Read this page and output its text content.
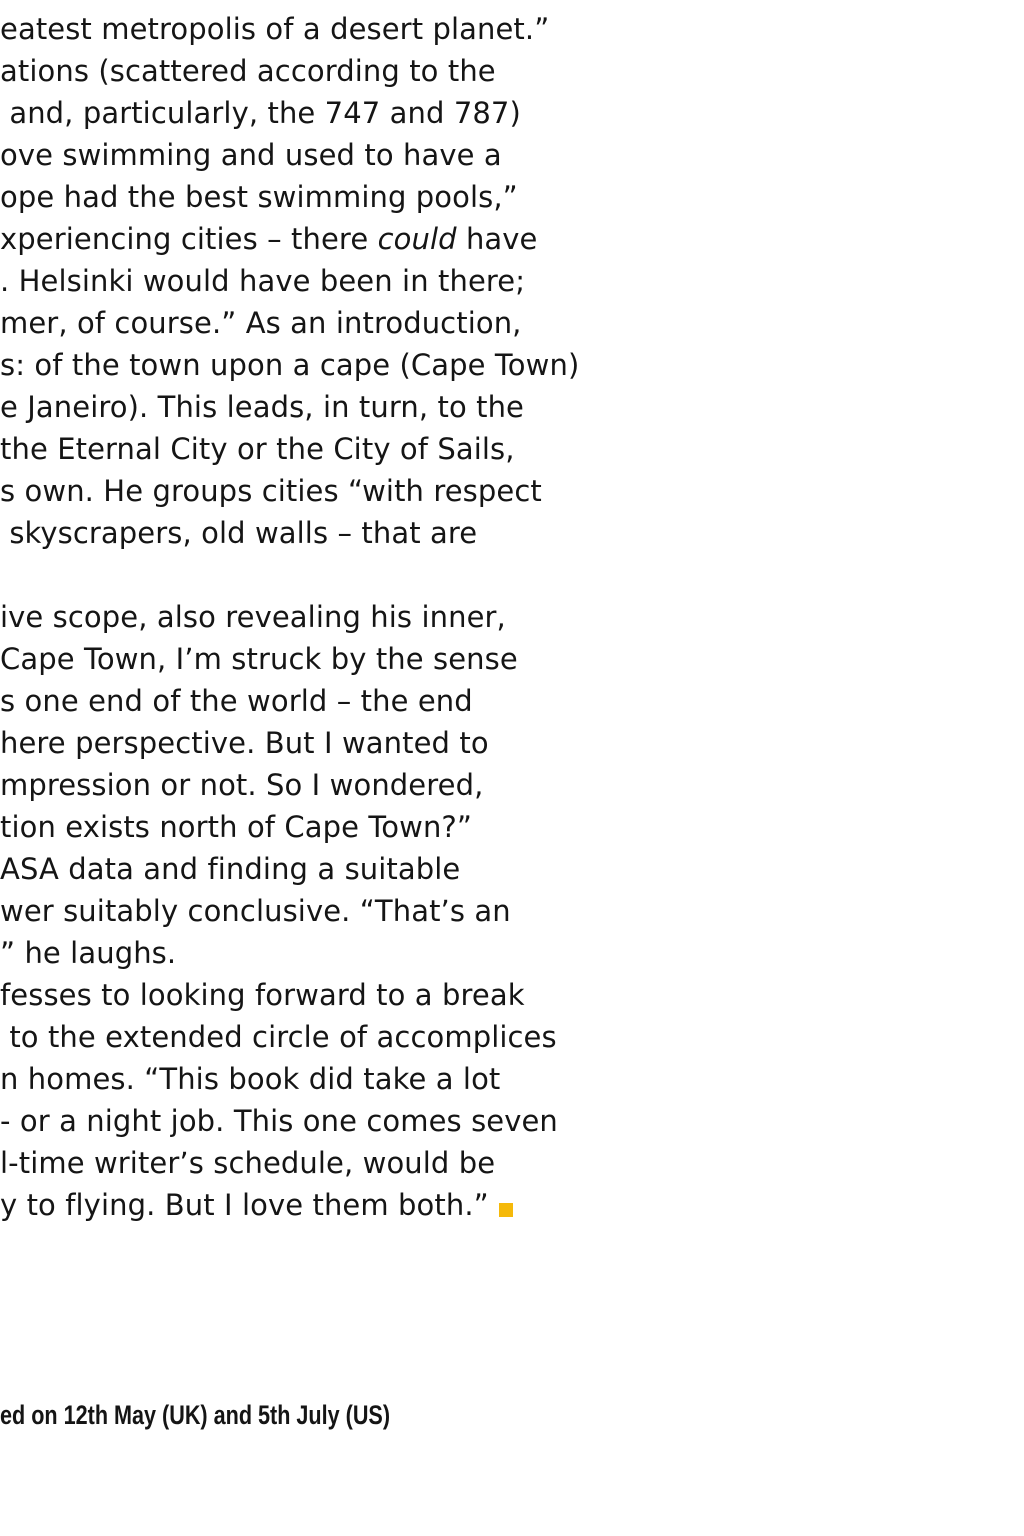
eatest metropolis of a desert planet.”
ations (scattered according to the
and, particularly, the 747 and 787)
ove swimming and used to have a
ope had the best swimming pools,”
xperiencing cities – there could have
. Helsinki would have been in there;
mer, of course.” As an introduction,
s: of the town upon a cape (Cape Town)
e Janeiro). This leads, in turn, to the
the Eternal City or the City of Sails,
s own. He groups cities “with respect
skyscrapers, old walls – that are
ive scope, also revealing his inner,
Cape Town, I’m struck by the sense
s one end of the world – the end
here perspective. But I wanted to
mpression or not. So I wondered,
tion exists north of Cape Town?”
ASA data and finding a suitable
wer suitably conclusive. “That’s an
” he laughs.
fesses to looking forward to a break
to the extended circle of accomplices
n homes. “This book did take a lot
- or a night job. This one comes seven
l-time writer’s schedule, would be
y to flying. But I love them both.”
ed on 12th May (UK) and 5th July (US)
